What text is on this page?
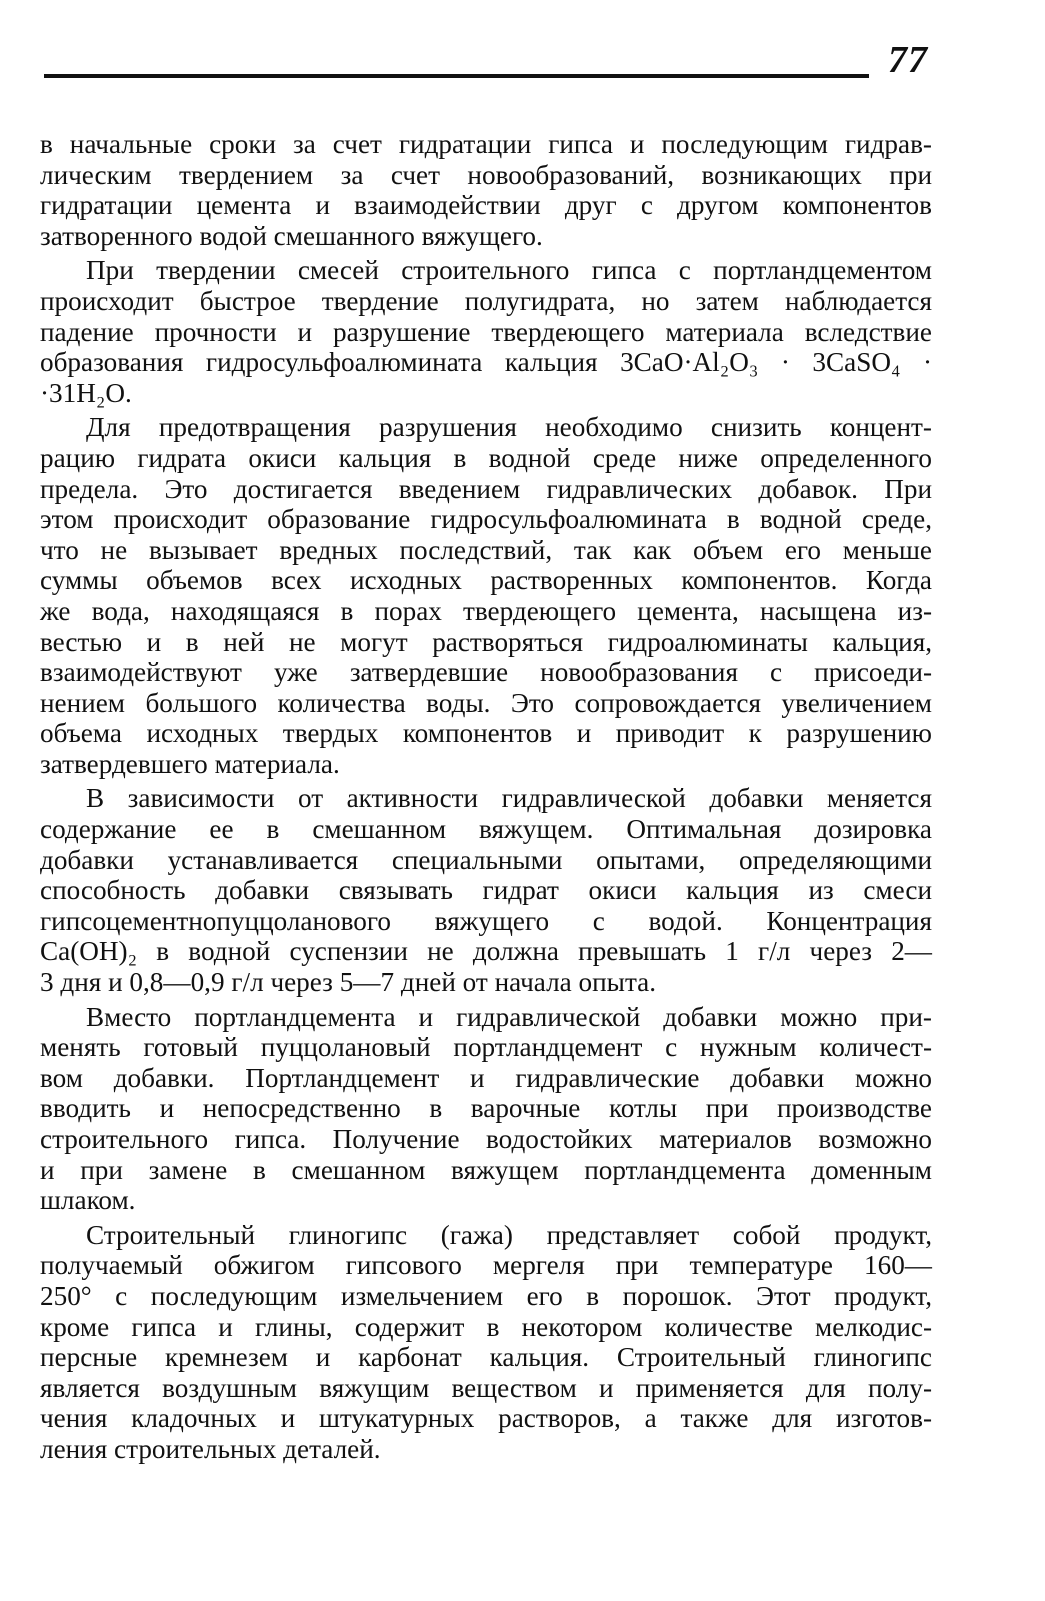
77

в начальные сроки за счет гидратации гипса и последующим гидрав-
лическим твердением за счет новообразований, возникающих при
гидратации цемента и взаимодействии друг с другом компонентов
затворенного водой смешанного вяжущего.

При твердении смесей строительного гипса с портландцементом
происходит быстрое твердение полугидрата, но затем наблюдается
падение прочности и разрушение твердеющего материала вследствие
образования гидросульфоалюмината кальция 3CaO·Al₂O₃ · 3CaSO₄ ·
·31H₂O.

Для предотвращения разрушения необходимо снизить концент-
рацию гидрата окиси кальция в водной среде ниже определенного
предела. Это достигается введением гидравлических добавок. При
этом происходит образование гидросульфоалюмината в водной среде,
что не вызывает вредных последствий, так как объем его меньше
суммы объемов всех исходных растворенных компонентов. Когда
же вода, находящаяся в порах твердеющего цемента, насыщена из-
вестью и в ней не могут растворяться гидроалюминаты кальция,
взаимодействуют уже затвердевшие новообразования с присоеди-
нением большого количества воды. Это сопровождается увеличением
объема исходных твердых компонентов и приводит к разрушению
затвердевшего материала.

В зависимости от активности гидравлической добавки меняется
содержание ее в смешанном вяжущем. Оптимальная дозировка
добавки устанавливается специальными опытами, определяющими
способность добавки связывать гидрат окиси кальция из смеси
гипсоцементнопуццоланового вяжущего с водой. Концентрация
Ca(OH)₂ в водной суспензии не должна превышать 1 г/л через 2—
3 дня и 0,8—0,9 г/л через 5—7 дней от начала опыта.

Вместо портландцемента и гидравлической добавки можно при-
менять готовый пуццолановый портландцемент с нужным количест-
вом добавки. Портландцемент и гидравлические добавки можно
вводить и непосредственно в варочные котлы при производстве
строительного гипса. Получение водостойких материалов возможно
и при замене в смешанном вяжущем портландцемента доменным
шлаком.

Строительный глиногипс (гажа) представляет собой продукт,
получаемый обжигом гипсового мергеля при температуре 160—
250° с последующим измельчением его в порошок. Этот продукт,
кроме гипса и глины, содержит в некотором количестве мелкодис-
персные кремнезем и карбонат кальция. Строительный глиногипс
является воздушным вяжущим веществом и применяется для полу-
чения кладочных и штукатурных растворов, а также для изготов-
ления строительных деталей.
